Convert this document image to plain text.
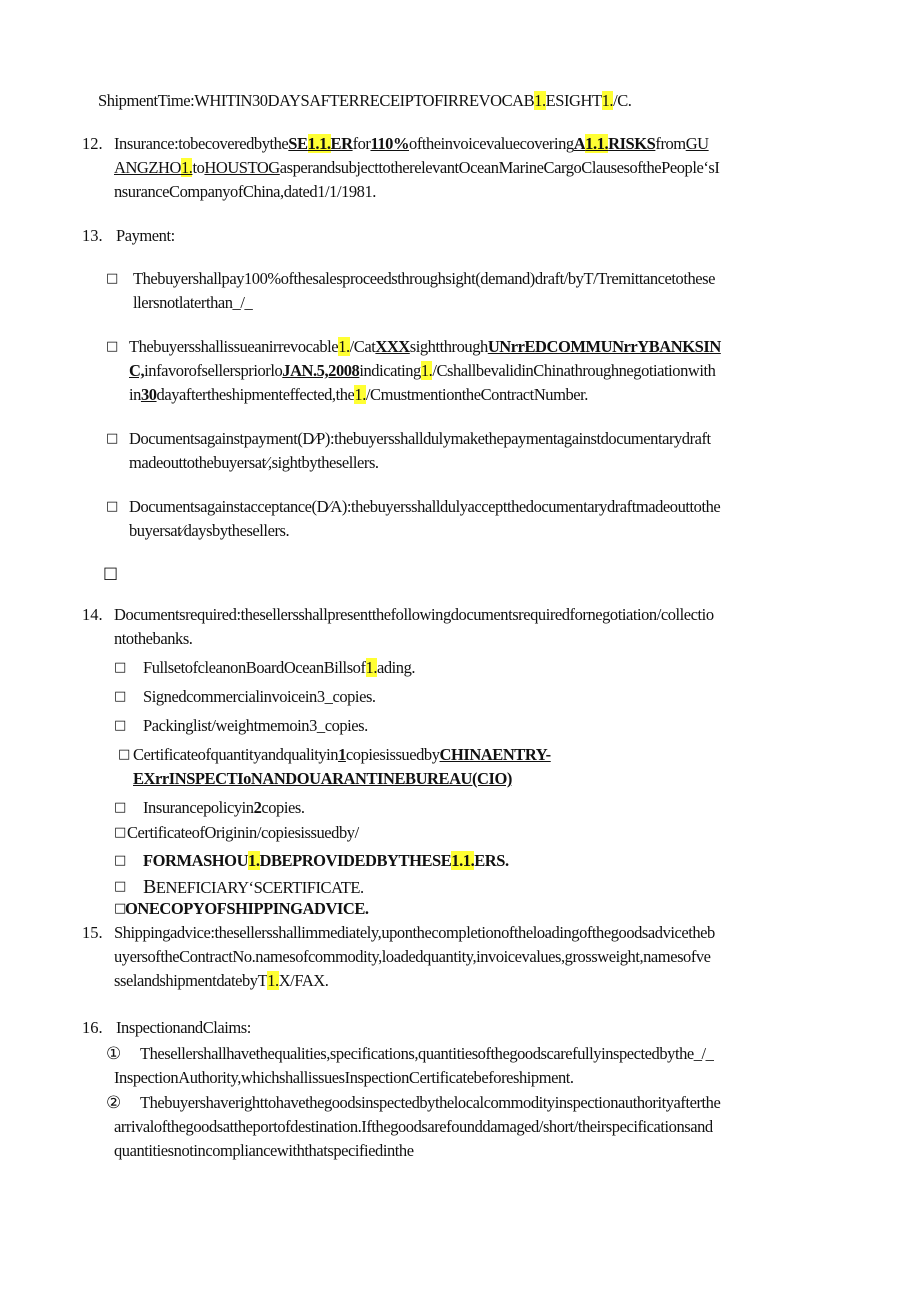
ShipmentTime:WHITIN30DAYSAFTERRECEIPTOFIRREVOCAB1.ESIGHT1./C.
12. Insurance:tobecoveredbytheSE1.1.ERfor110%oftheinvoicevaluecoveringA1.1.RISKSfromGU
ANGZHO1.toHOUSTOGasperandsubjecttotherelevantOceanMarineCargoClausesofthePeople‘sI
nsuranceCompanyofChina,dated1/1/1981.
13. Payment:
□ Thebuyershallpay100%ofthesalesproceedsthroughsight(demand)draft/byT/Tremittancetothese
llersnotlaterthan_/_
□ Thebuyersshallissueanirrevocable1./CatXXXsightthroughUNrrEDCOMMUNrrYBANKSIN
C,infavorofsellerspriorloJAN.5,2008indicating1./CshallbevalidinChinathroughnegotiationwith
in30dayaftertheshipmenteffected,the1./CmustmentiontheContractNumber.
□ Documentsagainstpayment(D⁄P):thebuyersshalldulymakethepaymentagainstdocumentarydraft
madeouttothebuyersat⁄,sightbythesellers.
□ Documentsagainstacceptance(D⁄A):thebuyersshalldulyacceptthedocumentarydraftmadeouttothe
buyersat⁄daysbythesellers.
□
14. Documentsrequired:thesellersshallpresentthefollowingdocumentsrequiredfornegotiation/collectio
ntothebanks.
□ FullsetofcleanonBoardOceanBillsof1.ading.
□ Signedcommercialinvoicein3_copies.
□ Packinglist/weightmemoin3_copies.
□ Certificateofquantityandqualityin1copiesissuedbyCHINAENTRY-
EXrrINSPECTIoNANDOUARANTINEBUREAU(CIO)
□ Insurancepolicyin2copies.
□ CertificateofOriginin/copiesissuedby/
□ FORMASHOU1.DBEPROVIDEDBYTHESE1.1.ERS.
□ BENEFICIARY‘SCERTIFICATE.
□
ONECOPYOFSHIPPINGADVICE.
15. Shippingadvice:thesellersshallimmediately,uponthecompletionoftheloadingofthegoodsadvicetheb
uyersoftheContractNo.namesofcommodity,loadedquantity,invoicevalues,grossweight,namesofve
sselandshipmentdatebyT1.X/FAX.
16. InspectionandClaims:
① Thesellershallhavethequalities,specifications,quantitiesofthegoodscarefullyinspectedbythe_/_
InspectionAuthority,whichshallissuesInspectionCertificatebeforeshipment.
② Thebuyershaverighttohavethegoodsinspectedbythelocalcommodityinspectionauthorityafterthe
arrivalofthegoodsattheportofdestination.Ifthegoodsarefounddamaged/short/theirspecificationsand
quantitiesnotincompliancewiththatspecifiedinthe
